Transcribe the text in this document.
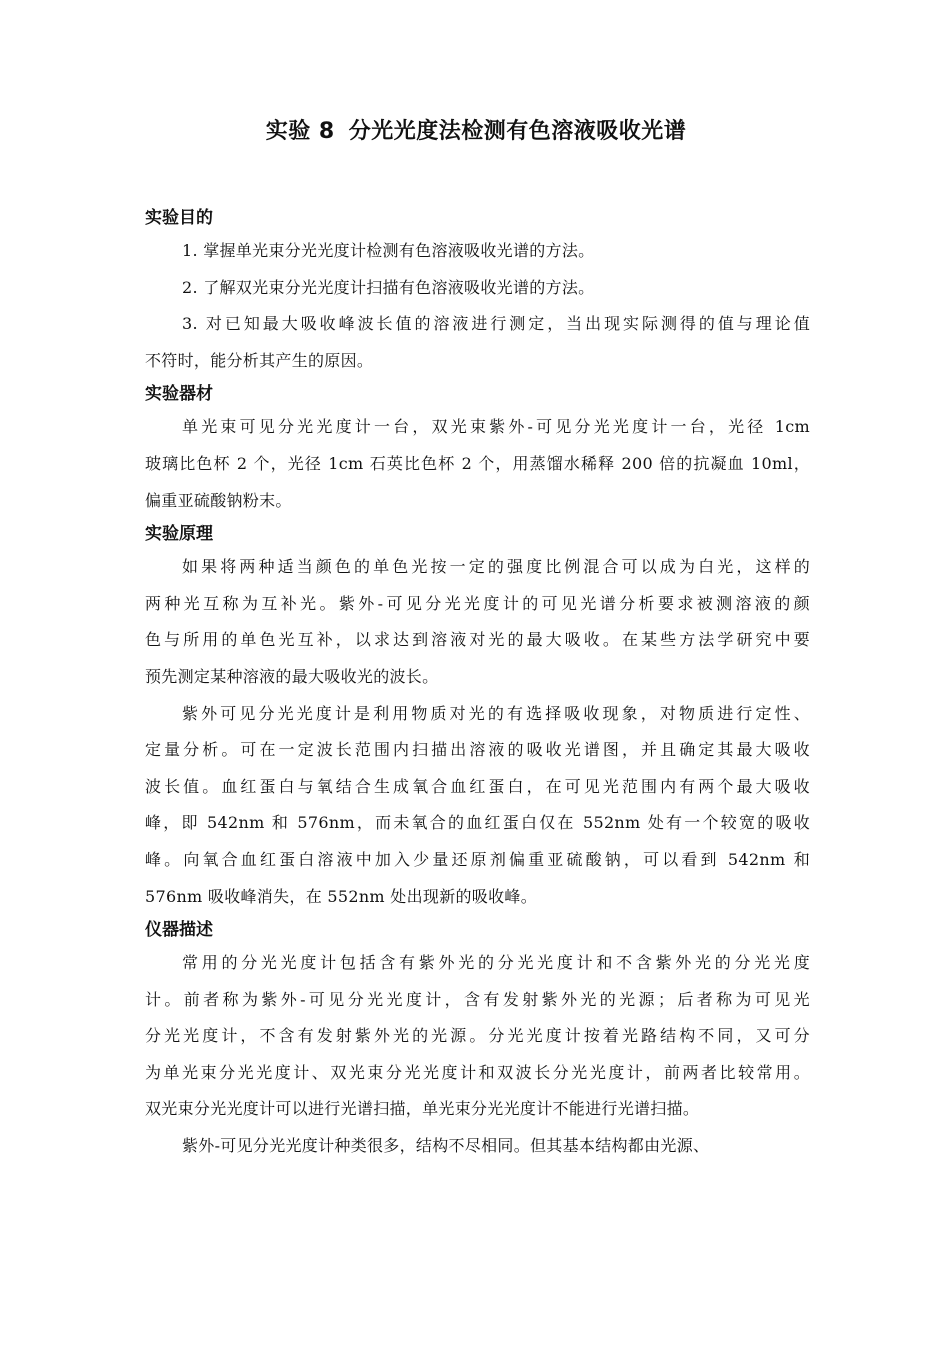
实验 8 分光光度法检测有色溶液吸收光谱
实验目的
1. 掌握单光束分光光度计检测有色溶液吸收光谱的方法。
2. 了解双光束分光光度计扫描有色溶液吸收光谱的方法。
3. 对已知最大吸收峰波长值的溶液进行测定，当出现实际测得的值与理论值
不符时，能分析其产生的原因。
实验器材
单光束可见分光光度计一台，双光束紫外-可见分光光度计一台，光径 1cm
玻璃比色杯 2 个，光径 1cm 石英比色杯 2 个，用蒸馏水稀释 200 倍的抗凝血 10ml，
偏重亚硫酸钠粉末。
实验原理
如果将两种适当颜色的单色光按一定的强度比例混合可以成为白光，这样的
两种光互称为互补光。紫外-可见分光光度计的可见光谱分析要求被测溶液的颜
色与所用的单色光互补，以求达到溶液对光的最大吸收。在某些方法学研究中要
预先测定某种溶液的最大吸收光的波长。
紫外可见分光光度计是利用物质对光的有选择吸收现象，对物质进行定性、
定量分析。可在一定波长范围内扫描出溶液的吸收光谱图，并且确定其最大吸收
波长值。血红蛋白与氧结合生成氧合血红蛋白，在可见光范围内有两个最大吸收
峰，即 542nm 和 576nm，而未氧合的血红蛋白仅在 552nm 处有一个较宽的吸收
峰。向氧合血红蛋白溶液中加入少量还原剂偏重亚硫酸钠，可以看到 542nm 和
576nm 吸收峰消失，在 552nm 处出现新的吸收峰。
仪器描述
常用的分光光度计包括含有紫外光的分光光度计和不含紫外光的分光光度
计。前者称为紫外-可见分光光度计，含有发射紫外光的光源；后者称为可见光
分光光度计，不含有发射紫外光的光源。分光光度计按着光路结构不同，又可分
为单光束分光光度计、双光束分光光度计和双波长分光光度计，前两者比较常用。
双光束分光光度计可以进行光谱扫描，单光束分光光度计不能进行光谱扫描。
紫外-可见分光光度计种类很多，结构不尽相同。但其基本结构都由光源、
